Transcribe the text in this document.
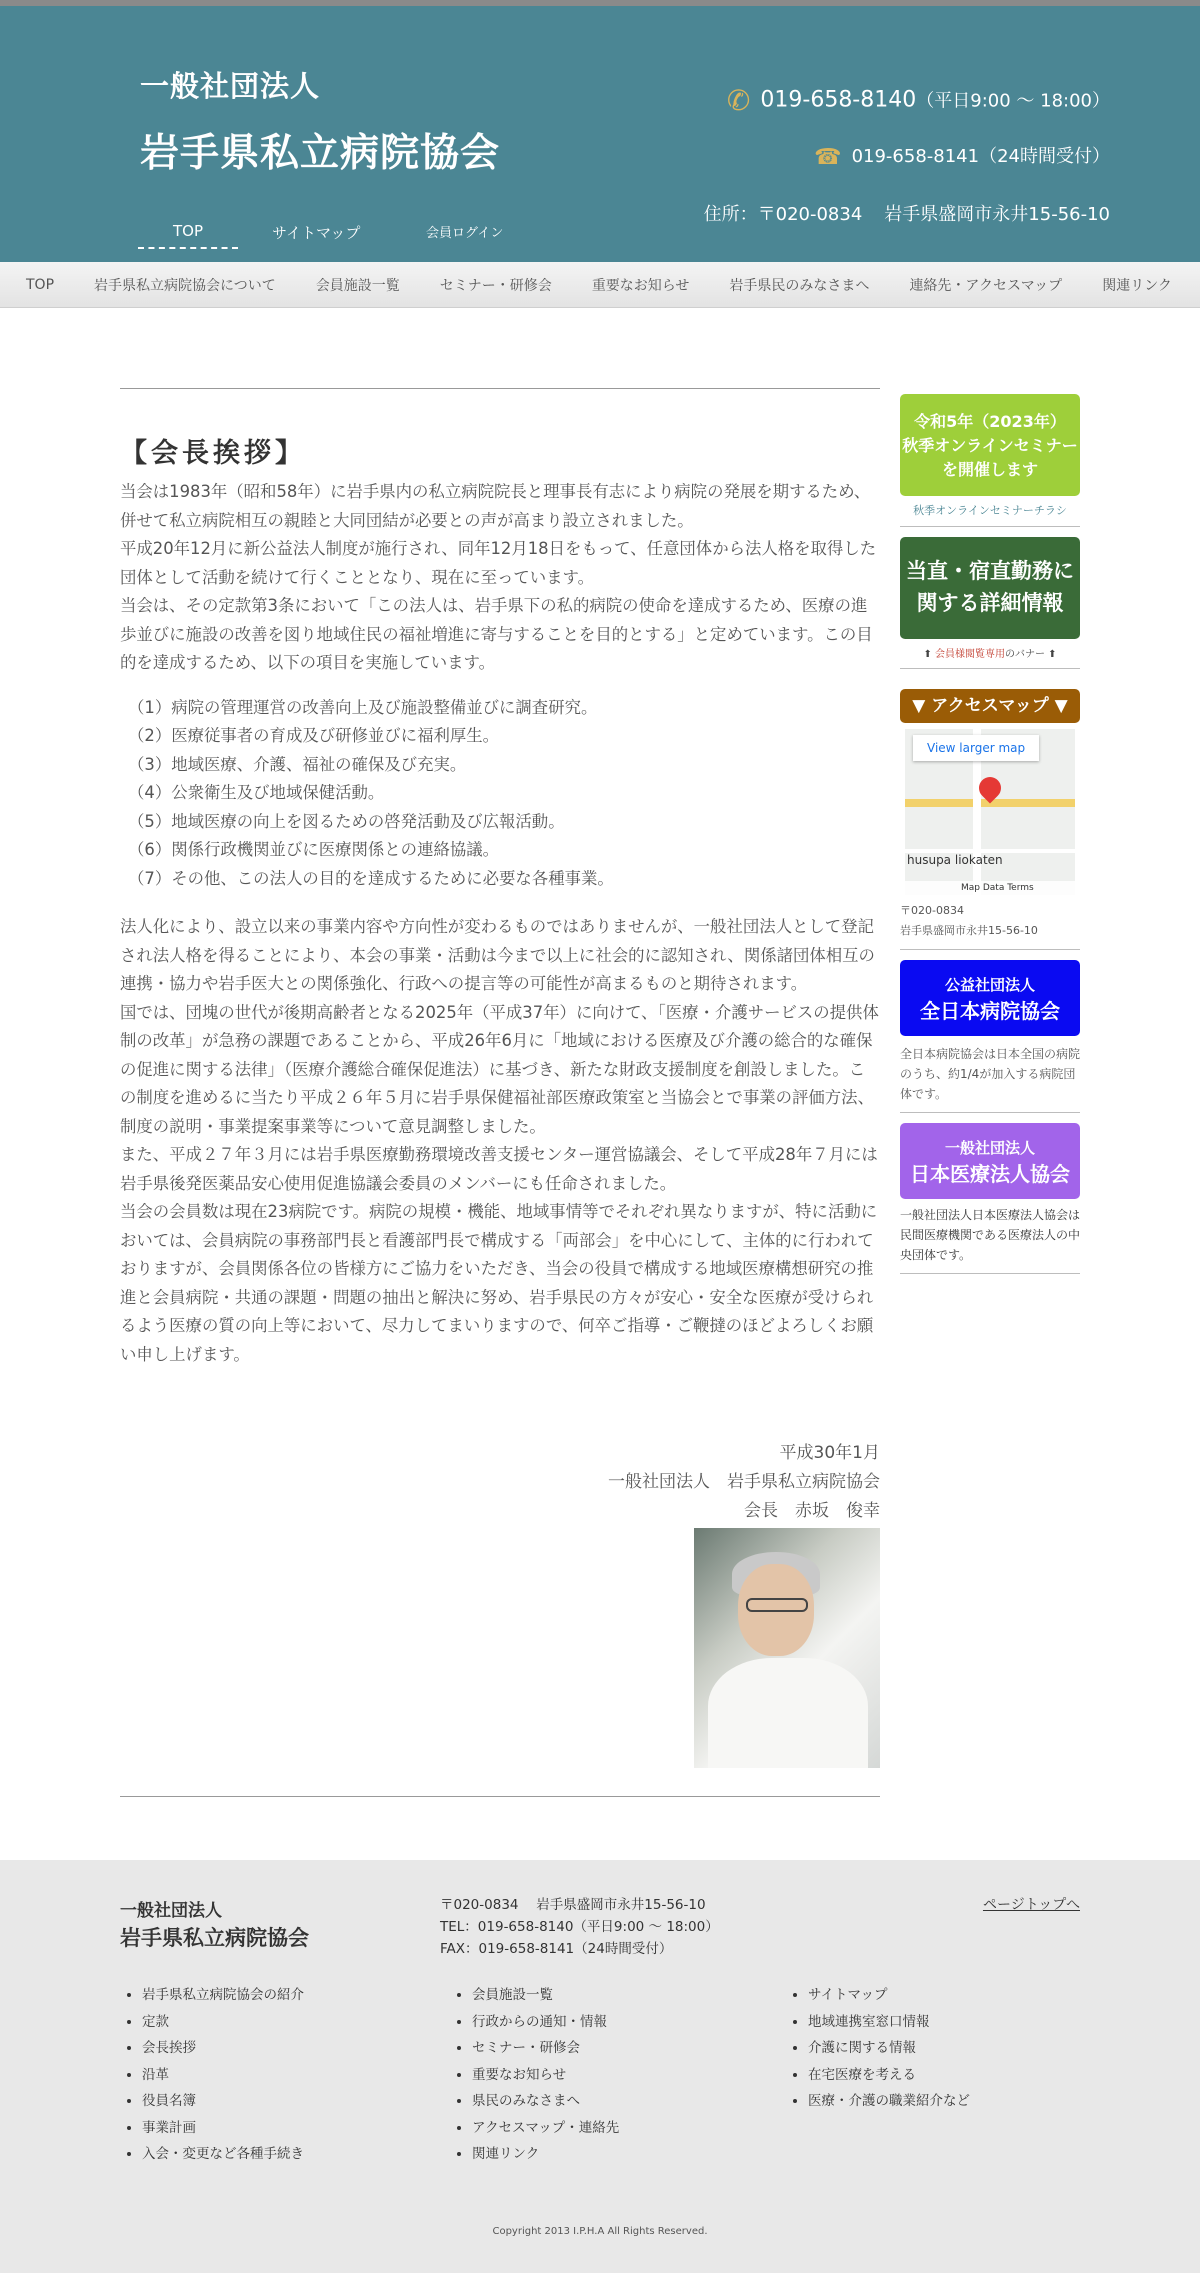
一般社団法人
岩手県私立病院協会
✆ 019-658-8140（平日9:00 ～ 18:00）
☎ 019-658-8141（24時間受付）
住所：〒020-0834 岩手県盛岡市永井15-56-10
TOP	サイトマップ	会員ログイン
TOP	岩手県私立病院協会について	会員施設一覧	セミナー・研修会	重要なお知らせ	岩手県民のみなさまへ	連絡先・アクセスマップ	関連リンク
【会長挨拶】

当会は1983年（昭和58年）に岩手県内の私立病院院長と理事長有志により病院の発展を期するため、併せて私立病院相互の親睦と大同団結が必要との声が高まり設立されました。
平成20年12月に新公益法人制度が施行され、同年12月18日をもって、任意団体から法人格を取得した団体として活動を続けて行くこととなり、現在に至っています。
当会は、その定款第3条において「この法人は、岩手県下の私的病院の使命を達成するため、医療の進歩並びに施設の改善を図り地域住民の福祉増進に寄与することを目的とする」と定めています。この目的を達成するため、以下の項目を実施しています。

（1）病院の管理運営の改善向上及び施設整備並びに調査研究。
（2）医療従事者の育成及び研修並びに福利厚生。
（3）地域医療、介護、福祉の確保及び充実。
（4）公衆衛生及び地域保健活動。
（5）地域医療の向上を図るための啓発活動及び広報活動。
（6）関係行政機関並びに医療関係との連絡協議。
（7）その他、この法人の目的を達成するために必要な各種事業。

法人化により、設立以来の事業内容や方向性が変わるものではありませんが、一般社団法人として登記され法人格を得ることにより、本会の事業・活動は今まで以上に社会的に認知され、関係諸団体相互の連携・協力や岩手医大との関係強化、行政への提言等の可能性が高まるものと期待されます。
国では、団塊の世代が後期高齢者となる2025年（平成37年）に向けて、「医療・介護サービスの提供体制の改革」が急務の課題であることから、平成26年6月に「地域における医療及び介護の総合的な確保の促進に関する法律」（医療介護総合確保促進法）に基づき、新たな財政支援制度を創設しました。この制度を進めるに当たり平成２６年５月に岩手県保健福祉部医療政策室と当協会とで事業の評価方法、制度の説明・事業提案事業等について意見調整しました。
また、平成２７年３月には岩手県医療勤務環境改善支援センター運営協議会、そして平成28年７月には岩手県後発医薬品安心使用促進協議会委員のメンバーにも任命されました。
当会の会員数は現在23病院です。病院の規模・機能、地域事情等でそれぞれ異なりますが、特に活動においては、会員病院の事務部門長と看護部門長で構成する「両部会」を中心にして、主体的に行われておりますが、会員関係各位の皆様方にご協力をいただき、当会の役員で構成する地域医療構想研究の推進と会員病院・共通の課題・問題の抽出と解決に努め、岩手県民の方々が安心・安全な医療が受けられるよう医療の質の向上等において、尽力してまいりますので、何卒ご指導・ご鞭撻のほどよろしくお願い申し上げます。

平成30年1月
一般社団法人　岩手県私立病院協会
会長　赤坂　俊幸
令和5年（2023年）
秋季オンラインセミナー
を開催します
秋季オンラインセミナーチラシ
当直・宿直勤務に
関する詳細情報
⬆ 会員様閲覧専用のバナー ⬆
▼ アクセスマップ ▼
View larger map
husupa liokaten
Map Data Terms
〒020-0834
岩手県盛岡市永井15-56-10
公益社団法人
全日本病院協会
全日本病院協会は日本全国の病院のうち、約1/4が加入する病院団体です。
一般社団法人
日本医療法人協会
一般社団法人日本医療法人協会は民間医療機関である医療法人の中央団体です。
一般社団法人
岩手県私立病院協会
〒020-0834　 岩手県盛岡市永井15-56-10
TEL：019-658-8140（平日9:00 ～ 18:00）
FAX：019-658-8141（24時間受付）
ページトップへ
• 岩手県私立病院協会の紹介
• 定款
• 会長挨拶
• 沿革
• 役員名簿
• 事業計画
• 入会・変更など各種手続き
• 会員施設一覧
• 行政からの通知・情報
• セミナー・研修会
• 重要なお知らせ
• 県民のみなさまへ
• アクセスマップ・連絡先
• 関連リンク
• サイトマップ
• 地域連携室窓口情報
• 介護に関する情報
• 在宅医療を考える
• 医療・介護の職業紹介など
Copyright 2013 I.P.H.A All Rights Reserved.
